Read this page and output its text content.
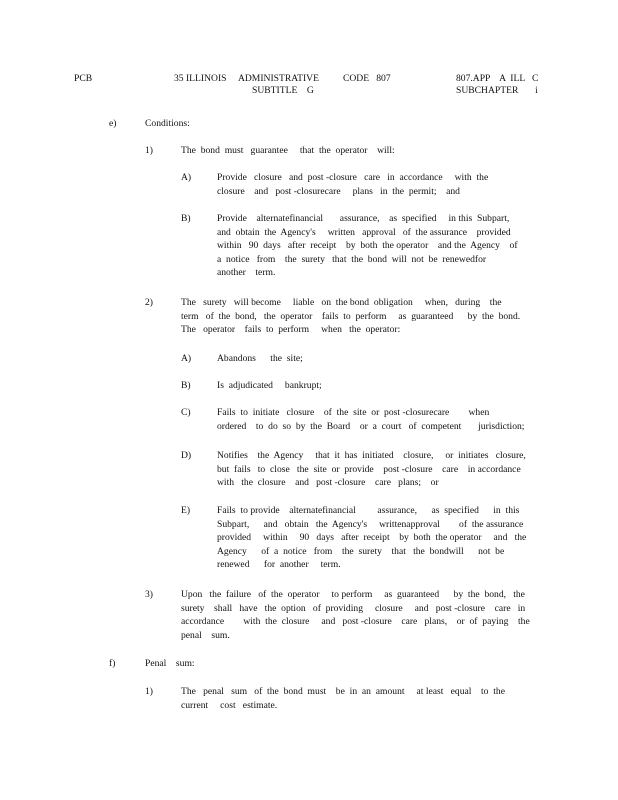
PCB	35 ILLINOIS     ADMINISTRATIVE          CODE   807
SUBTITLE    G
807.APP    A  ILL   C
SUBCHAPTER       i
e)	Conditions:
1)	The  bond  must   guarantee     that  the  operator    will:
A)	Provide   closure   and  post -closure   care   in  accordance     with  the
closure    and   post -closurecare     plans   in  the  permit;    and
B)	Provide    alternatefinancial       assurance,    as  specified     in this  Subpart,
and  obtain  the  Agency's     written   approval   of  the assurance    provided
within   90  days   after  receipt    by  both  the operator    and the  Agency    of
a  notice   from    the  surety   that  the  bond  will  not  be  renewedfor
another    term.
2)	The   surety   will become     liable   on  the bond  obligation     when,   during    the
term   of  the  bond,   the  operator    fails  to  perform     as  guaranteed      by  the  bond.
The   operator    fails  to  perform     when   the  operator:
A)	Abandons      the  site;
B)	Is  adjudicated     bankrupt;
C)	Fails  to  initiate   closure    of  the  site  or  post -closurecare        when
ordered    to  do  so  by  the  Board    or  a  court   of  competent       jurisdiction;
D)	Notifies    the  Agency     that  it  has  initiated    closure,     or  initiates   closure,
but  fails   to  close   the  site  or  provide    post -closure    care    in accordance
with   the  closure    and   post -closure    care   plans;    or
E)	Fails  to provide    alternatefinancial         assurance,      as  specified      in  this
Subpart,      and   obtain   the  Agency's     writtenapproval        of  the assurance
provided     within     90   days   after  receipt    by  both  the operator     and   the
Agency      of  a  notice   from    the  surety    that   the  bondwill      not  be
renewed      for  another     term.
3)	Upon   the  failure   of  the  operator     to perform     as  guaranteed      by  the  bond,   the
surety    shall   have   the  option   of  providing     closure     and   post -closure    care   in
accordance        with  the  closure     and   post -closure    care   plans,    or  of  paying    the
penal    sum.
f)	Penal    sum:
1)	The   penal   sum   of  the  bond  must    be  in  an  amount     at least   equal    to  the
current     cost   estimate.
